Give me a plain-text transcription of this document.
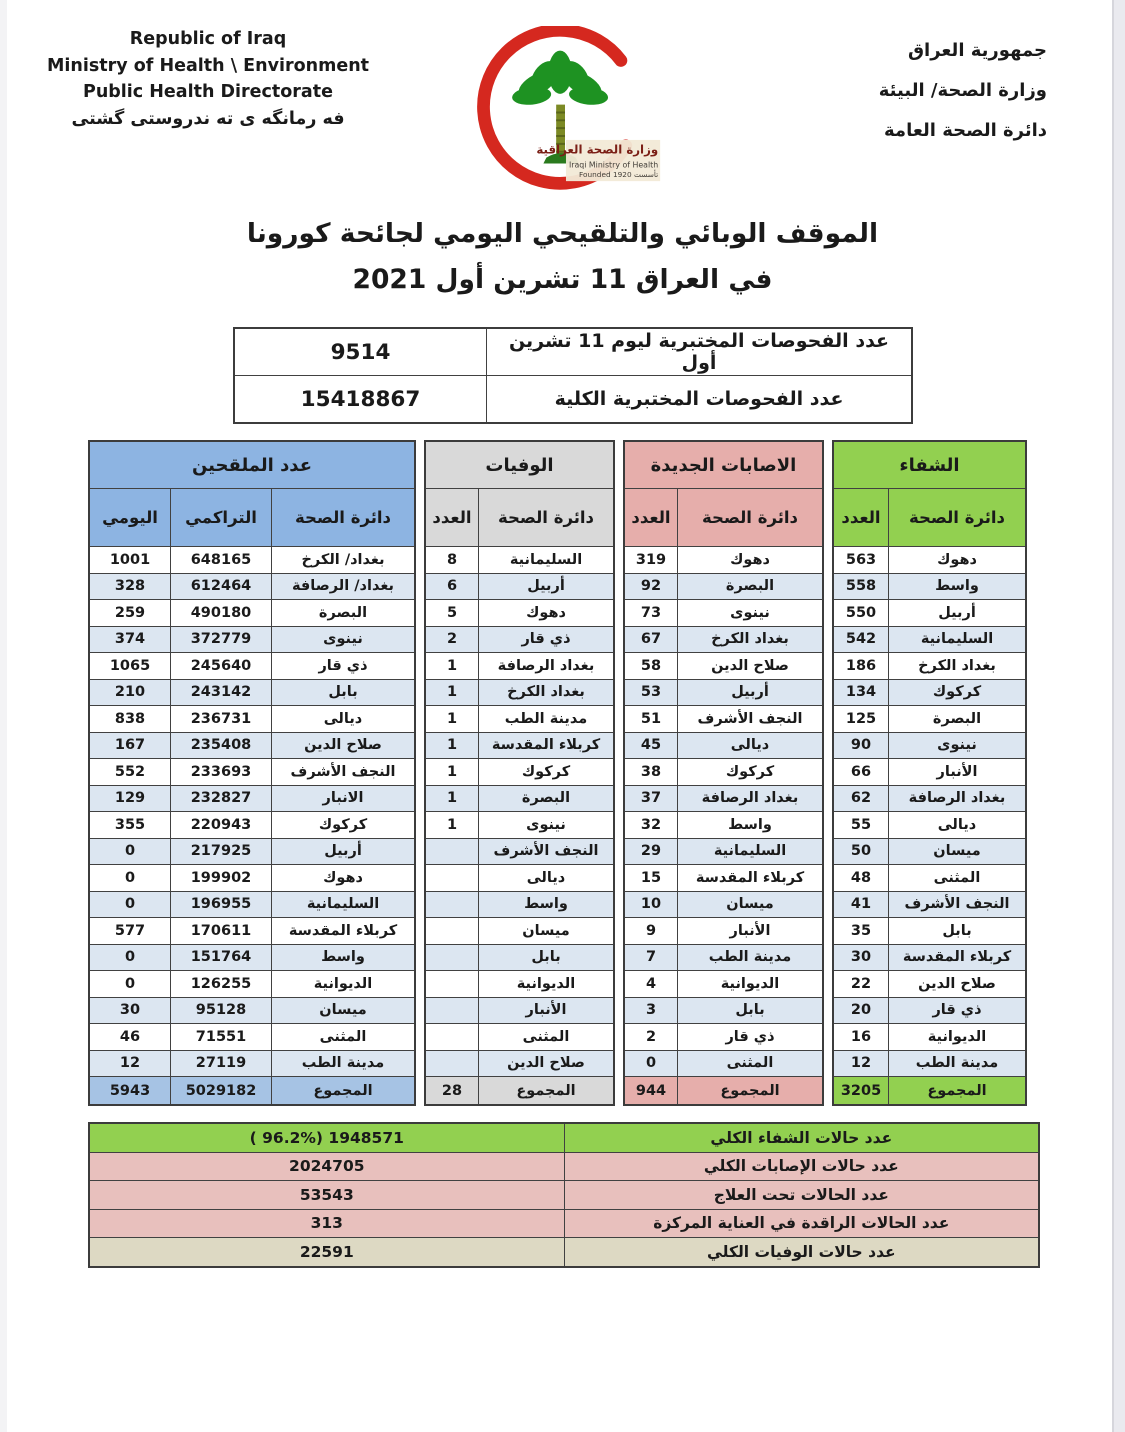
Republic of Iraq
Ministry of Health \ Environment
Public Health Directorate
فه رمانگه ی ته ندروستی گشتی
وزارة الصحة العراقية
Iraqi Ministry of Health
Founded 1920 تأسست
جمهورية العراق
وزارة الصحة/ البيئة
دائرة الصحة العامة
الموقف الوبائي والتلقيحي اليومي لجائحة كورونا
في العراق 11 تشرين أول 2021
عدد الفحوصات المختبرية ليوم 11 تشرين أول	9514
عدد الفحوصات المختبرية الكلية	15418867
الشفاء	
دائرة الصحة	العدد
دهوك	563
واسط	558
أربيل	550
السليمانية	542
بغداد الكرخ	186
كركوك	134
البصرة	125
نينوى	90
الأنبار	66
بغداد الرصافة	62
ديالى	55
ميسان	50
المثنى	48
النجف الأشرف	41
بابل	35
كربلاء المقدسة	30
صلاح الدين	22
ذي قار	20
الديوانية	16
مدينة الطب	12
المجموع	3205
الاصابات الجديدة	
دائرة الصحة	العدد
دهوك	319
البصرة	92
نينوى	73
بغداد الكرخ	67
صلاح الدين	58
أربيل	53
النجف الأشرف	51
ديالى	45
كركوك	38
بغداد الرصافة	37
واسط	32
السليمانية	29
كربلاء المقدسة	15
ميسان	10
الأنبار	9
مدينة الطب	7
الديوانية	4
بابل	3
ذي قار	2
المثنى	0
المجموع	944
الوفيات	
دائرة الصحة	العدد
السليمانية	8
أربيل	6
دهوك	5
ذي قار	2
بغداد الرصافة	1
بغداد الكرخ	1
مدينة الطب	1
كربلاء المقدسة	1
كركوك	1
البصرة	1
نينوى	1
النجف الأشرف	
ديالى	
واسط	
ميسان	
بابل	
الديوانية	
الأنبار	
المثنى	
صلاح الدين	
المجموع	28
عدد الملقحين		
دائرة الصحة	التراكمي	اليومي
بغداد/ الكرخ	648165	1001
بغداد/ الرصافة	612464	328
البصرة	490180	259
نينوى	372779	374
ذي قار	245640	1065
بابل	243142	210
ديالى	236731	838
صلاح الدين	235408	167
النجف الأشرف	233693	552
الانبار	232827	129
كركوك	220943	355
أربيل	217925	0
دهوك	199902	0
السليمانية	196955	0
كربلاء المقدسة	170611	577
واسط	151764	0
الديوانية	126255	0
ميسان	95128	30
المثنى	71551	46
مدينة الطب	27119	12
المجموع	5029182	5943
عدد حالات الشفاء الكلي	( 96.2%) 1948571
عدد حالات الإصابات الكلي	2024705
عدد الحالات تحت العلاج	53543
عدد الحالات الراقدة في العناية المركزة	313
عدد حالات الوفيات الكلي	22591
